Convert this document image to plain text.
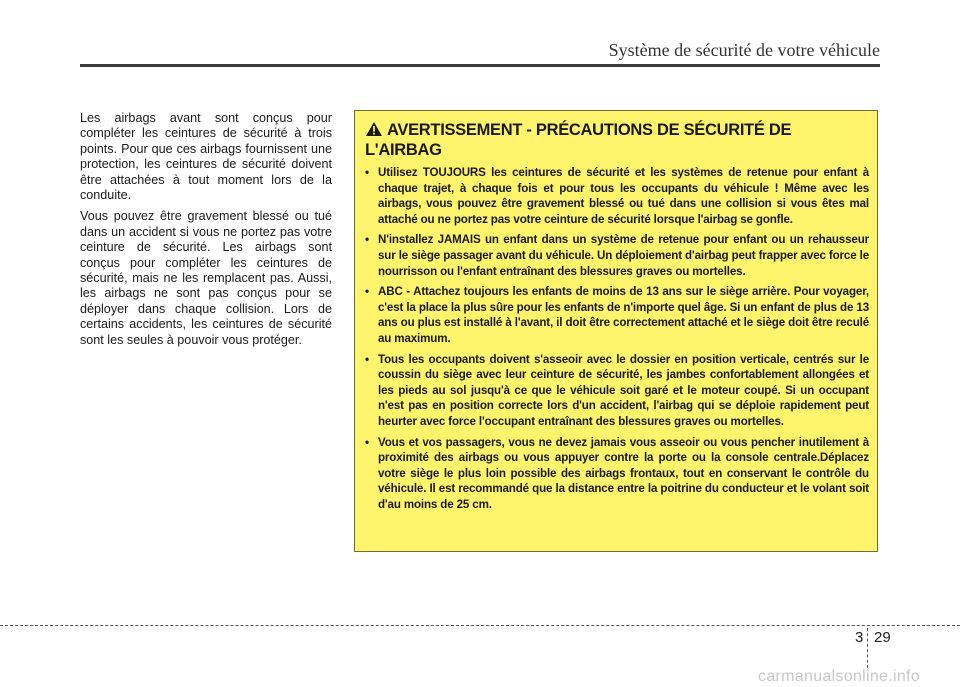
Système de sécurité de votre véhicule

Les airbags avant sont conçus pour compléter les ceintures de sécurité à trois points. Pour que ces airbags fournissent une protection, les ceintures de sécurité doivent être attachées à tout moment lors de la conduite.

Vous pouvez être gravement blessé ou tué dans un accident si vous ne portez pas votre ceinture de sécurité. Les airbags sont conçus pour compléter les ceintures de sécurité, mais ne les remplacent pas. Aussi, les airbags ne sont pas conçus pour se déployer dans chaque collision. Lors de certains accidents, les ceintures de sécurité sont les seules à pouvoir vous protéger.

AVERTISSEMENT - PRÉCAUTIONS DE SÉCURITÉ DE L'AIRBAG
• Utilisez TOUJOURS les ceintures de sécurité et les systèmes de retenue pour enfant à chaque trajet, à chaque fois et pour tous les occupants du véhicule ! Même avec les airbags, vous pouvez être gravement blessé ou tué dans une collision si vous êtes mal attaché ou ne portez pas votre ceinture de sécurité lorsque l'airbag se gonfle.
• N'installez JAMAIS un enfant dans un système de retenue pour enfant ou un rehausseur sur le siège passager avant du véhicule. Un déploiement d'airbag peut frapper avec force le nourrisson ou l'enfant entraînant des blessures graves ou mortelles.
• ABC - Attachez toujours les enfants de moins de 13 ans sur le siège arrière. Pour voyager, c'est la place la plus sûre pour les enfants de n'importe quel âge. Si un enfant de plus de 13 ans ou plus est installé à l'avant, il doit être correctement attaché et le siège doit être reculé au maximum.
• Tous les occupants doivent s'asseoir avec le dossier en position verticale, centrés sur le coussin du siège avec leur ceinture de sécurité, les jambes confortablement allongées et les pieds au sol jusqu'à ce que le véhicule soit garé et le moteur coupé. Si un occupant n'est pas en position correcte lors d'un accident, l'airbag qui se déploie rapidement peut heurter avec force l'occupant entraînant des blessures graves ou mortelles.
• Vous et vos passagers, vous ne devez jamais vous asseoir ou vous pencher inutilement à proximité des airbags ou vous appuyer contre la porte ou la console centrale.Déplacez votre siège le plus loin possible des airbags frontaux, tout en conservant le contrôle du véhicule. Il est recommandé que la distance entre la poitrine du conducteur et le volant soit d'au moins de 25 cm.
3 29
carmanualsonline.info
